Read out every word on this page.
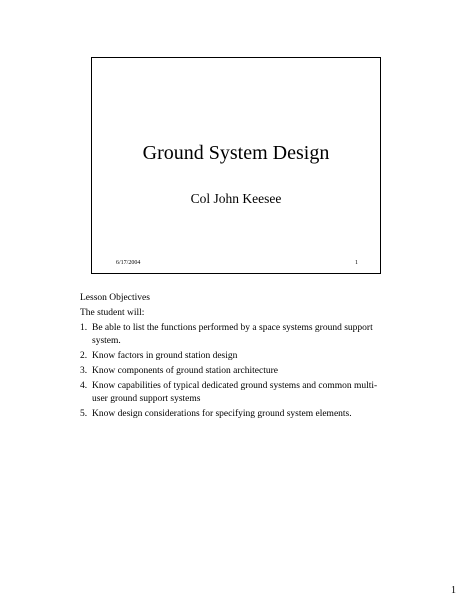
Ground System Design
Col John Keesee
6/17/2004	1
Lesson Objectives
The student will:
1. Be able to list the functions performed by a space systems ground support system.
2. Know factors in ground station design
3. Know components of ground station architecture
4. Know capabilities of typical dedicated ground systems and common multi-user ground support systems
5. Know design considerations for specifying ground system elements.
1
